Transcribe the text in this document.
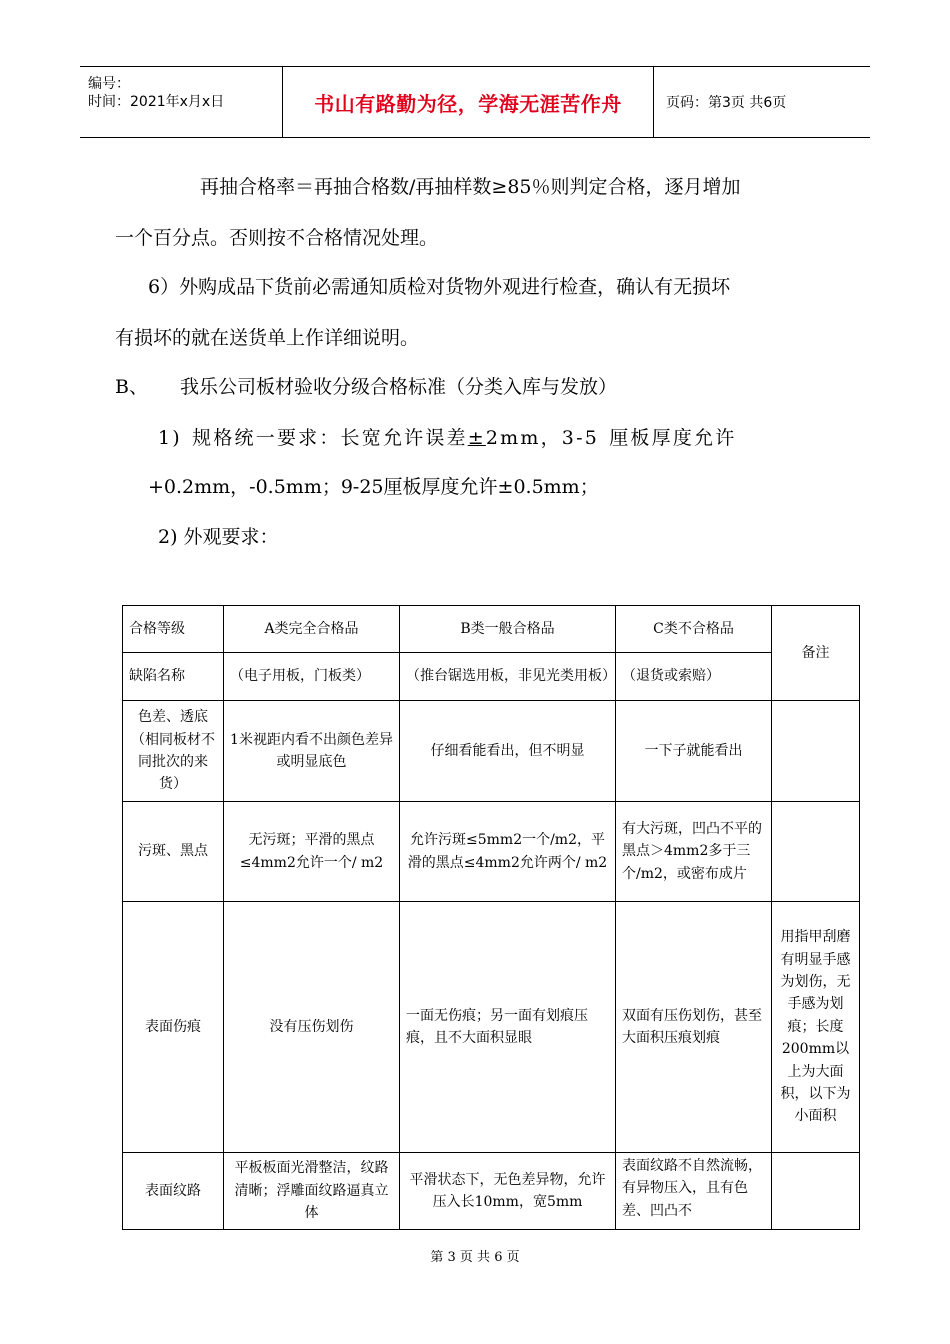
编号：
时间：2021年x月x日	书山有路勤为径，学海无涯苦作舟	页码：第3页 共6页
再抽合格率＝再抽合格数/再抽样数≥85％则判定合格，逐月增加
一个百分点。否则按不合格情况处理。
6）外购成品下货前必需通知质检对货物外观进行检查，确认有无损坏
有损坏的就在送货单上作详细说明。
B、 我乐公司板材验收分级合格标准（分类入库与发放）
1) 规格统一要求：长宽允许误差±2mm，3-5 厘板厚度允许
+0.2mm，-0.5mm；9-25厘板厚度允许±0.5mm；
2) 外观要求：
合格等级	A类完全合格品	B类一般合格品	C类不合格品	备注
缺陷名称	（电子用板，门板类）	（推台锯选用板，非见光类用板）	（退货或索赔）	
色差、透底（相同板材不同批次的来货）	1米视距内看不出颜色差异或明显底色	仔细看能看出，但不明显	一下子就能看出	
污斑、黑点	无污斑；平滑的黑点≤4mm2允许一个/ m2	允许污斑≤5mm2一个/m2，平滑的黑点≤4mm2允许两个/ m2	有大污斑，凹凸不平的黑点＞4mm2多于三个/m2，或密布成片	
表面伤痕	没有压伤划伤	一面无伤痕；另一面有划痕压痕，且不大面积显眼	双面有压伤划伤，甚至大面积压痕划痕	用指甲刮磨有明显手感为划伤，无手感为划痕；长度200mm以上为大面积，以下为小面积
表面纹路	平板板面光滑整洁，纹路清晰；浮雕面纹路逼真立体	平滑状态下，无色差异物，允许压入长10mm，宽5mm	表面纹路不自然流畅，有异物压入，且有色差、凹凸不	
第 3 页 共 6 页
